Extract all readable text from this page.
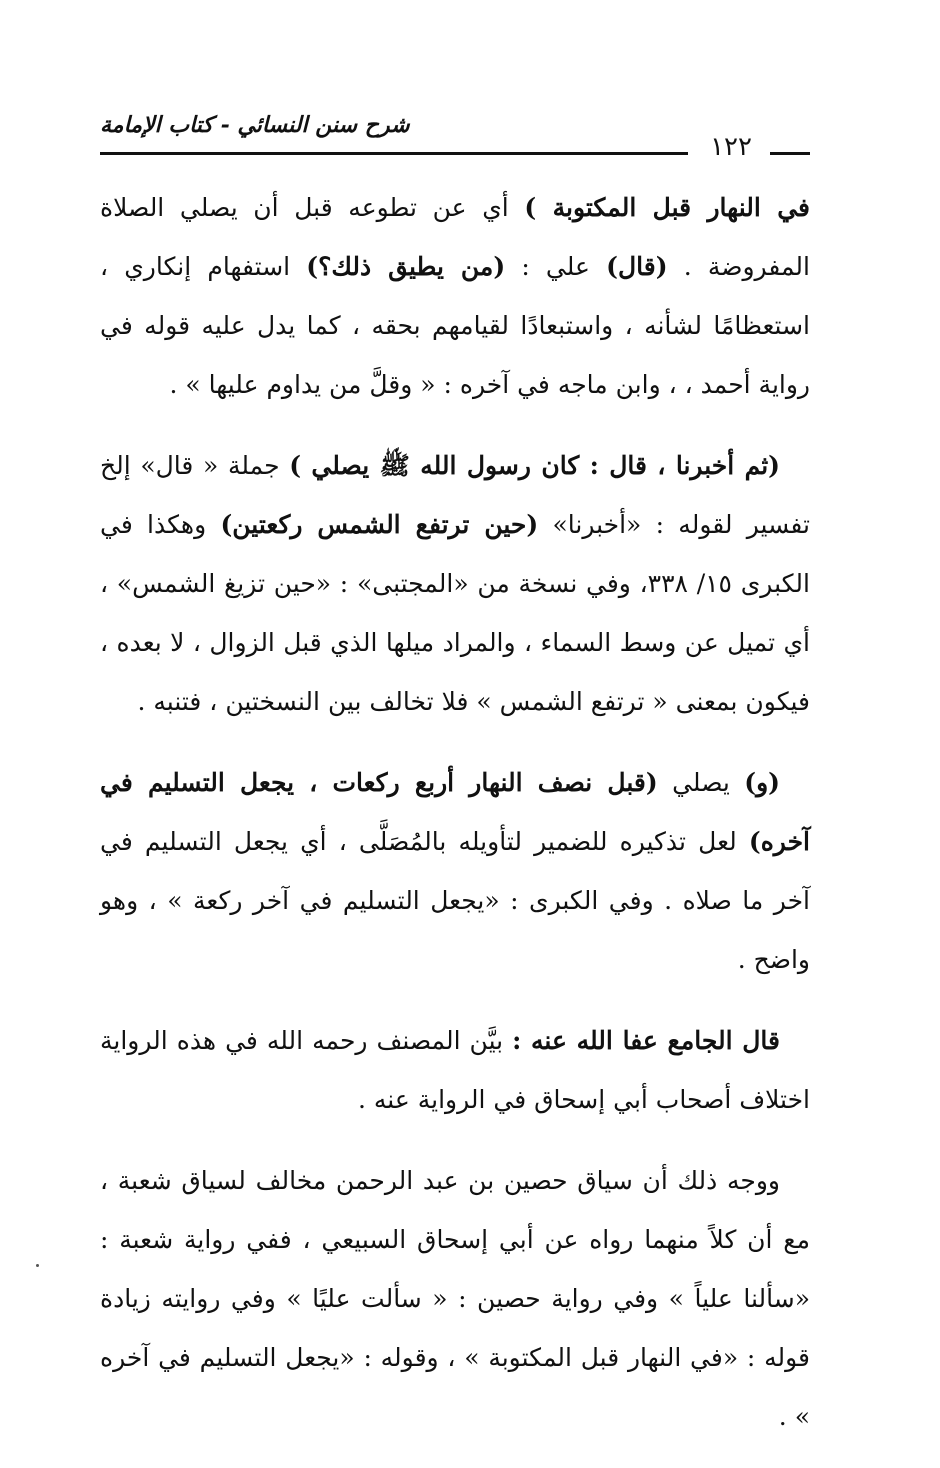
شرح سنن النسائي - كتاب الإمامة
١٢٢

في النهار قبل المكتوبة ) أي عن تطوعه قبل أن يصلي الصلاة المفروضة . (قال) علي : (من يطيق ذلك؟) استفهام إنكاري ، استعظامًا لشأنه ، واستبعادًا لقيامهم بحقه ، كما يدل عليه قوله في رواية أحمد ، ، وابن ماجه في آخره : « وقلَّ من يداوم عليها » .

(ثم أخبرنا ، قال : كان رسول الله ﷺ يصلي ) جملة « قال» إلخ تفسير لقوله : «أخبرنا» (حين ترتفع الشمس ركعتين) وهكذا في الكبرى ١٥/ ٣٣٨، وفي نسخة من «المجتبى» : «حين تزيغ الشمس» ، أي تميل عن وسط السماء ، والمراد ميلها الذي قبل الزوال ، لا بعده ، فيكون بمعنى « ترتفع الشمس » فلا تخالف بين النسختين ، فتنبه .

(و) يصلي (قبل نصف النهار أربع ركعات ، يجعل التسليم في آخره) لعل تذكيره للضمير لتأويله بالمُصَلَّى ، أي يجعل التسليم في آخر ما صلاه . وفي الكبرى : «يجعل التسليم في آخر ركعة » ، وهو واضح .

قال الجامع عفا الله عنه : بيَّن المصنف رحمه الله في هذه الرواية اختلاف أصحاب أبي إسحاق في الرواية عنه .

ووجه ذلك أن سياق حصين بن عبد الرحمن مخالف لسياق شعبة ، مع أن كلاً منهما رواه عن أبي إسحاق السبيعي ، ففي رواية شعبة : «سألنا علياً » وفي رواية حصين : « سألت عليًا » وفي روايته زيادة قوله : «في النهار قبل المكتوبة » ، وقوله : «يجعل التسليم في آخره » .
